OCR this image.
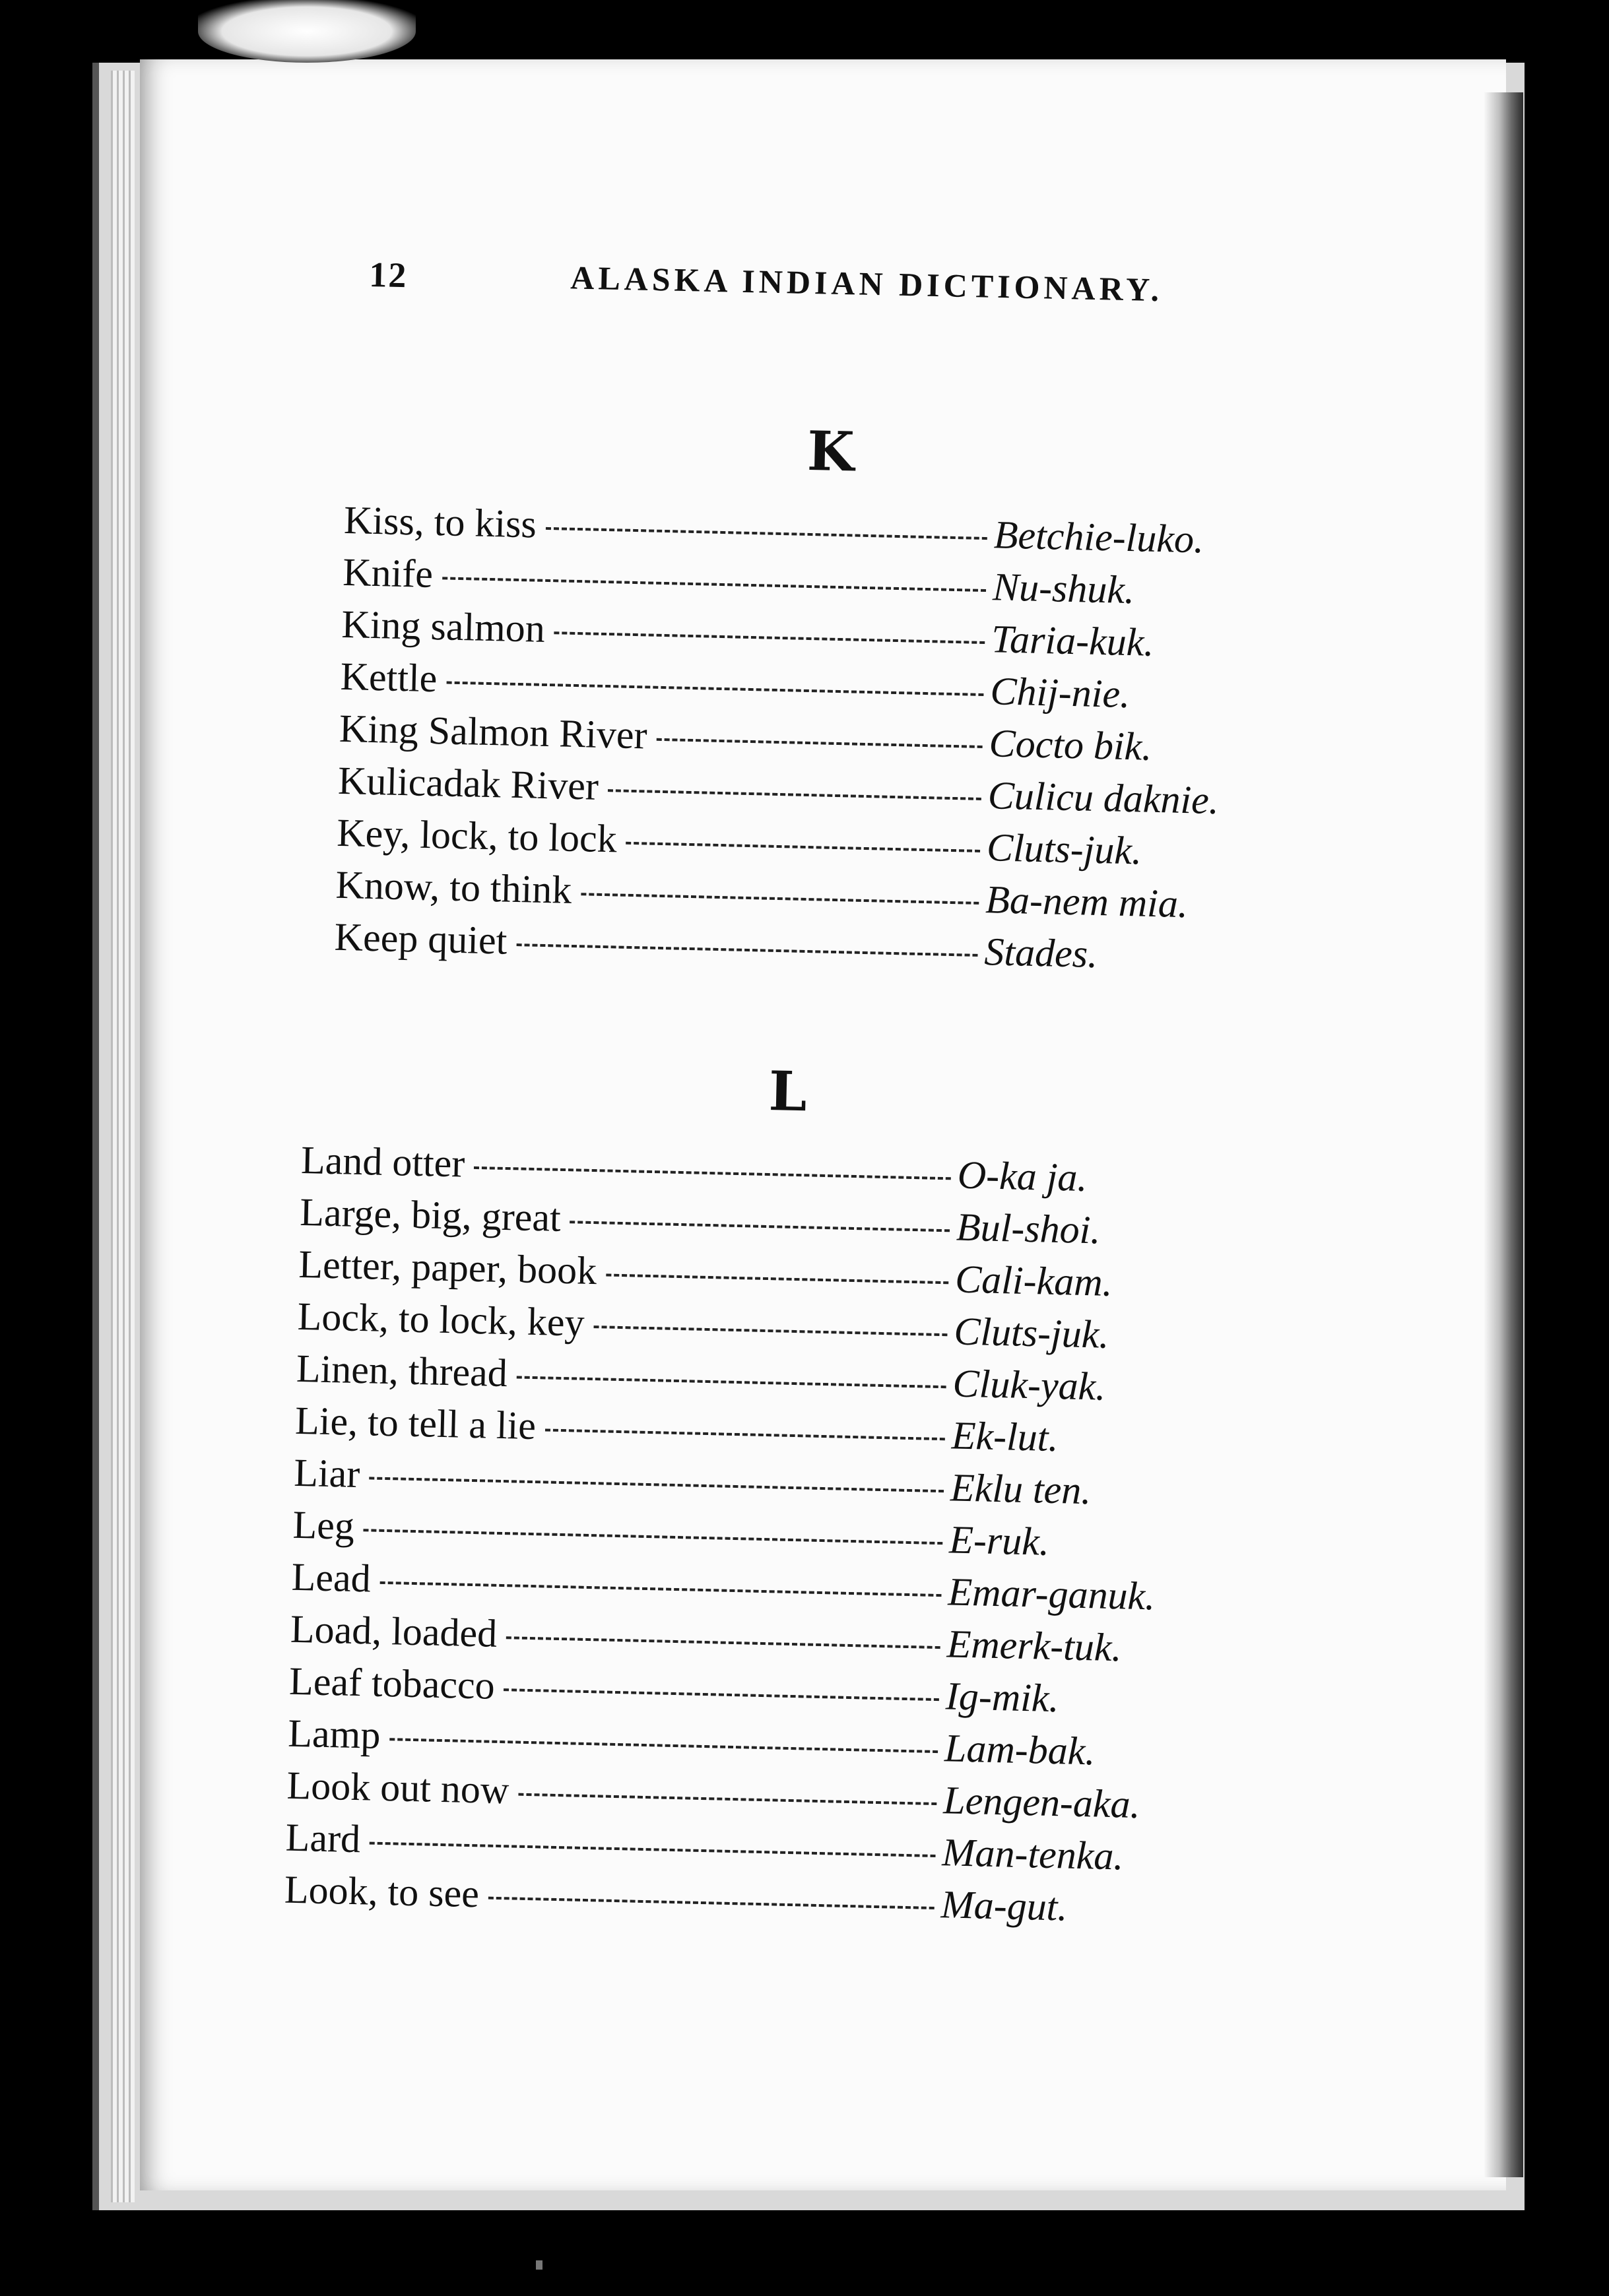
12	ALASKA INDIAN DICTIONARY.
K
Kiss, to kiss	Betchie-luko.
Knife	Nu-shuk.
King salmon	Taria-kuk.
Kettle	Chij-nie.
King Salmon River	Cocto bik.
Kulicadak River	Culicu daknie.
Key, lock, to lock	Cluts-juk.
Know, to think	Ba-nem mia.
Keep quiet	Stades.
L
Land otter	O-ka ja.
Large, big, great	Bul-shoi.
Letter, paper, book	Cali-kam.
Lock, to lock, key	Cluts-juk.
Linen, thread	Cluk-yak.
Lie, to tell a lie	Ek-lut.
Liar	Eklu ten.
Leg	E-ruk.
Lead	Emar-ganuk.
Load, loaded	Emerk-tuk.
Leaf tobacco	Ig-mik.
Lamp	Lam-bak.
Look out now	Lengen-aka.
Lard	Man-tenka.
Look, to see	Ma-gut.
